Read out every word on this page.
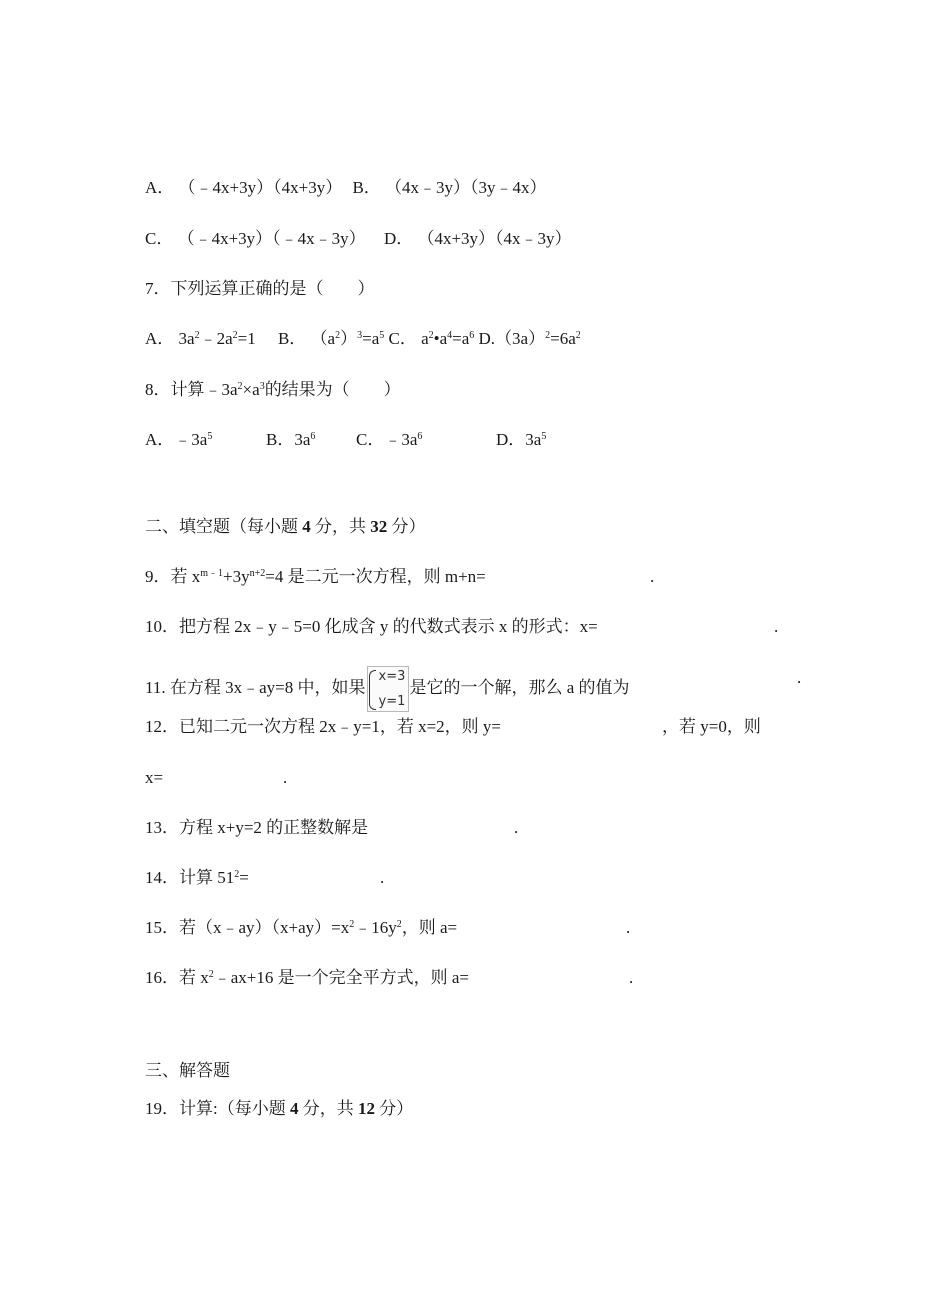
A． （﹣4x+3y）（4x+3y） B． （4x﹣3y）（3y﹣4x）
C． （﹣4x+3y）（﹣4x﹣3y） D． （4x+3y）（4x﹣3y）
7．下列运算正确的是（　　）
A． $3a^2﹣2a^2=1$ B． $(a^2)^3=a^5$ C． $a^2•a^4=a^6$ $D.(3a)^2=6a^2$
8．计算$﹣3a^2\times a^3$的结果为（　　）
A．$﹣3a^5$	B．$3a^6$ C．$﹣3a^6$	D．$3a^5$
二、填空题（每小题 4 分，共 32 分）
9．若 $x^{m﹣1}+3y^{n+2}=4$ 是二元一次方程，则 m+n=	.
10．把方程 2x﹣y﹣5=0 化成含 y 的代数式表示 x 的形式：x=	.
11. 在方程 3x﹣ay=8 中，如果
x=3
y=1
是它的一个解，那么 a 的值为
.
12．已知二元一次方程 2x﹣y=1，若 x=2，则 y=	，若 y=0，则
x=	.
13．方程 x+y=2 的正整数解是	.
14．计算 $51^2=$	.
15．若$(x﹣ay)(x+ay)=x^2﹣16y^2$，则 a=	.
16．若 $x^2﹣ax+16$ 是一个完全平方式，则 a=	.
三、解答题
19．计算:（每小题 4 分，共 12 分）
